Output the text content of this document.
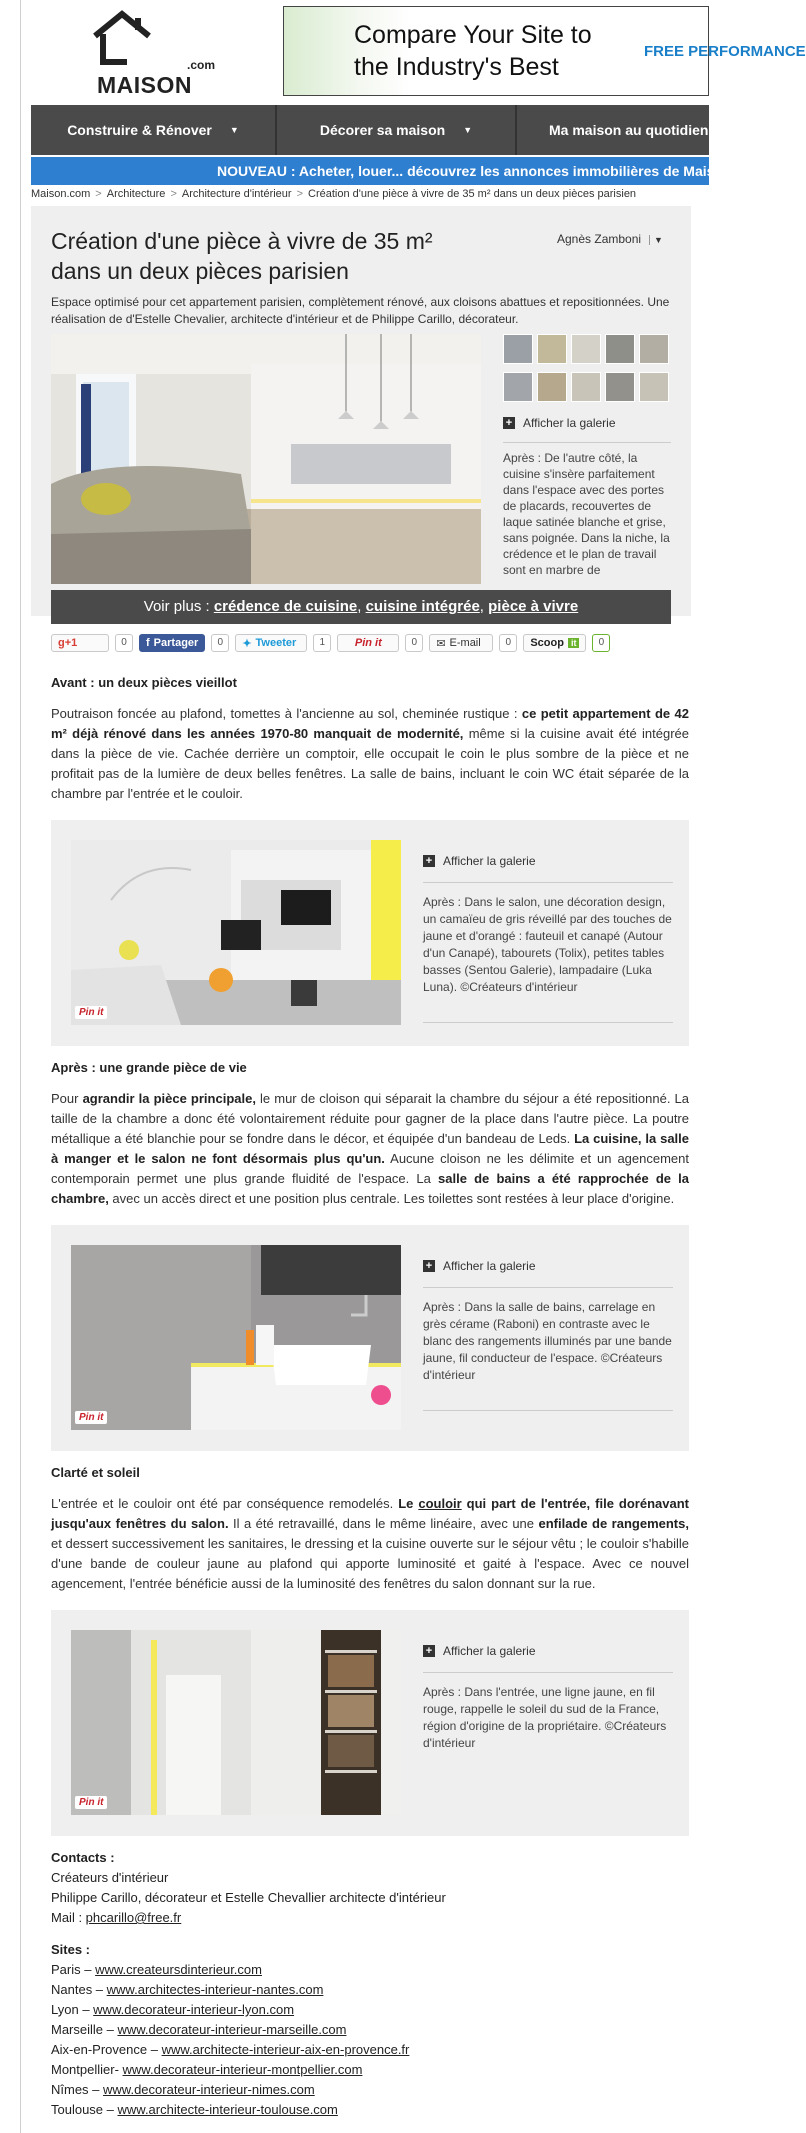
.com
MAISON
Compare Your Site to
the Industry's Best
FREE PERFORMANCE
Construire & Rénover ▼	Décorer sa maison ▼	Ma maison au quotidien
NOUVEAU : Acheter, louer... découvrez les annonces immobilières de Maison.com
Maison.com > Architecture > Architecture d'intérieur > Création d'une pièce à vivre de 35 m² dans un deux pièces parisien
Création d'une pièce à vivre de 35 m² dans un deux pièces parisien
Agnès Zamboni ▼

Espace optimisé pour cet appartement parisien, complètement rénové, aux cloisons abattues et repositionnées. Une réalisation de d'Estelle Chevalier, architecte d'intérieur et de Philippe Carillo, décorateur.

+ Afficher la galerie
Après : De l'autre côté, la cuisine s'insère parfaitement dans l'espace avec des portes de placards, recouvertes de laque satinée blanche et grise, sans poignée. Dans la niche, la crédence et le plan de travail sont en marbre de
Voir plus : crédence de cuisine, cuisine intégrée, pièce à vivre
g+1	0	f Partager	0	✦ Tweeter	1	Pin it	0	✉ E-mail	0	Scoop it	0
Avant : un deux pièces vieillot

Poutraison foncée au plafond, tomettes à l'ancienne au sol, cheminée rustique : ce petit appartement de 42 m² déjà rénové dans les années 1970-80 manquait de modernité, même si la cuisine avait été intégrée dans la pièce de vie. Cachée derrière un comptoir, elle occupait le coin le plus sombre de la pièce et ne profitait pas de la lumière de deux belles fenêtres. La salle de bains, incluant le coin WC était séparée de la chambre par l'entrée et le couloir.

Pin it
+ Afficher la galerie

Après : Dans le salon, une décoration design, un camaïeu de gris réveillé par des touches de jaune et d'orangé : fauteuil et canapé (Autour d'un Canapé), tabourets (Tolix), petites tables basses (Sentou Galerie), lampadaire (Luka Luna). ©Créateurs d'intérieur

Après : une grande pièce de vie

Pour agrandir la pièce principale, le mur de cloison qui séparait la chambre du séjour a été repositionné. La taille de la chambre a donc été volontairement réduite pour gagner de la place dans l'autre pièce. La poutre métallique a été blanchie pour se fondre dans le décor, et équipée d'un bandeau de Leds. La cuisine, la salle à manger et le salon ne font désormais plus qu'un. Aucune cloison ne les délimite et un agencement contemporain permet une plus grande fluidité de l'espace. La salle de bains a été rapprochée de la chambre, avec un accès direct et une position plus centrale. Les toilettes sont restées à leur place d'origine.

Pin it
+ Afficher la galerie

Après : Dans la salle de bains, carrelage en grès cérame (Raboni) en contraste avec le blanc des rangements illuminés par une bande jaune, fil conducteur de l'espace. ©Créateurs d'intérieur

Clarté et soleil

L'entrée et le couloir ont été par conséquence remodelés. Le couloir qui part de l'entrée, file dorénavant jusqu'aux fenêtres du salon. Il a été retravaillé, dans le même linéaire, avec une enfilade de rangements, et dessert successivement les sanitaires, le dressing et la cuisine ouverte sur le séjour vêtu ; le couloir s'habille d'une bande de couleur jaune au plafond qui apporte luminosité et gaité à l'espace. Avec ce nouvel agencement, l'entrée bénéficie aussi de la luminosité des fenêtres du salon donnant sur la rue.

Pin it
+ Afficher la galerie

Après : Dans l'entrée, une ligne jaune, en fil rouge, rappelle le soleil du sud de la France, région d'origine de la propriétaire. ©Créateurs d'intérieur

Contacts :
Créateurs d'intérieur
Philippe Carillo, décorateur et Estelle Chevallier architecte d'intérieur
Mail : phcarillo@free.fr
Sites :
Paris – www.createursdinterieur.com
Nantes – www.architectes-interieur-nantes.com
Lyon – www.decorateur-interieur-lyon.com
Marseille – www.decorateur-interieur-marseille.com
Aix-en-Provence – www.architecte-interieur-aix-en-provence.fr
Montpellier- www.decorateur-interieur-montpellier.com
Nîmes – www.decorateur-interieur-nimes.com
Toulouse – www.architecte-interieur-toulouse.com
